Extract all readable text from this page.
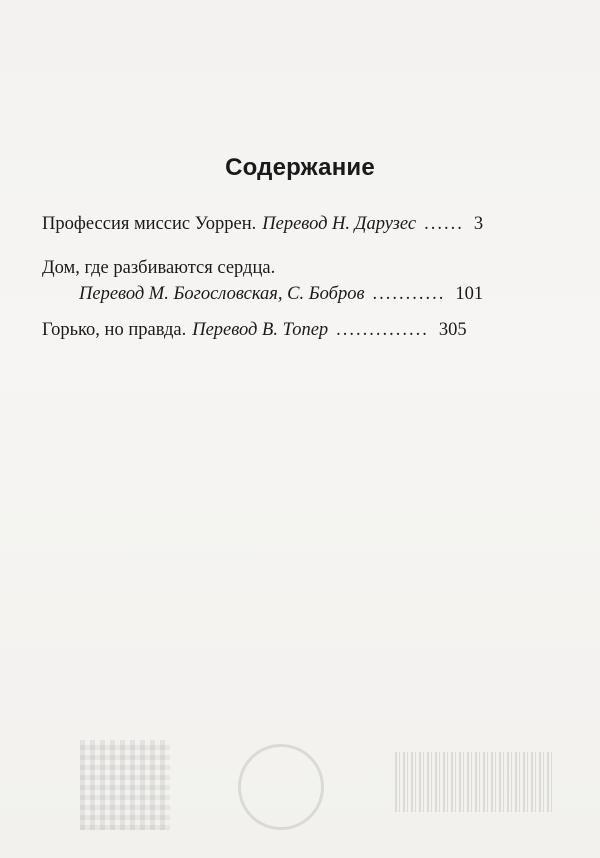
Содержание
Профессия миссис Уоррен. Перевод Н. Дарузес ...... 3
Дом, где разбиваются сердца.
Перевод М. Богословская, С. Бобров ........... 101
Горько, но правда. Перевод В. Топер .............. 305
